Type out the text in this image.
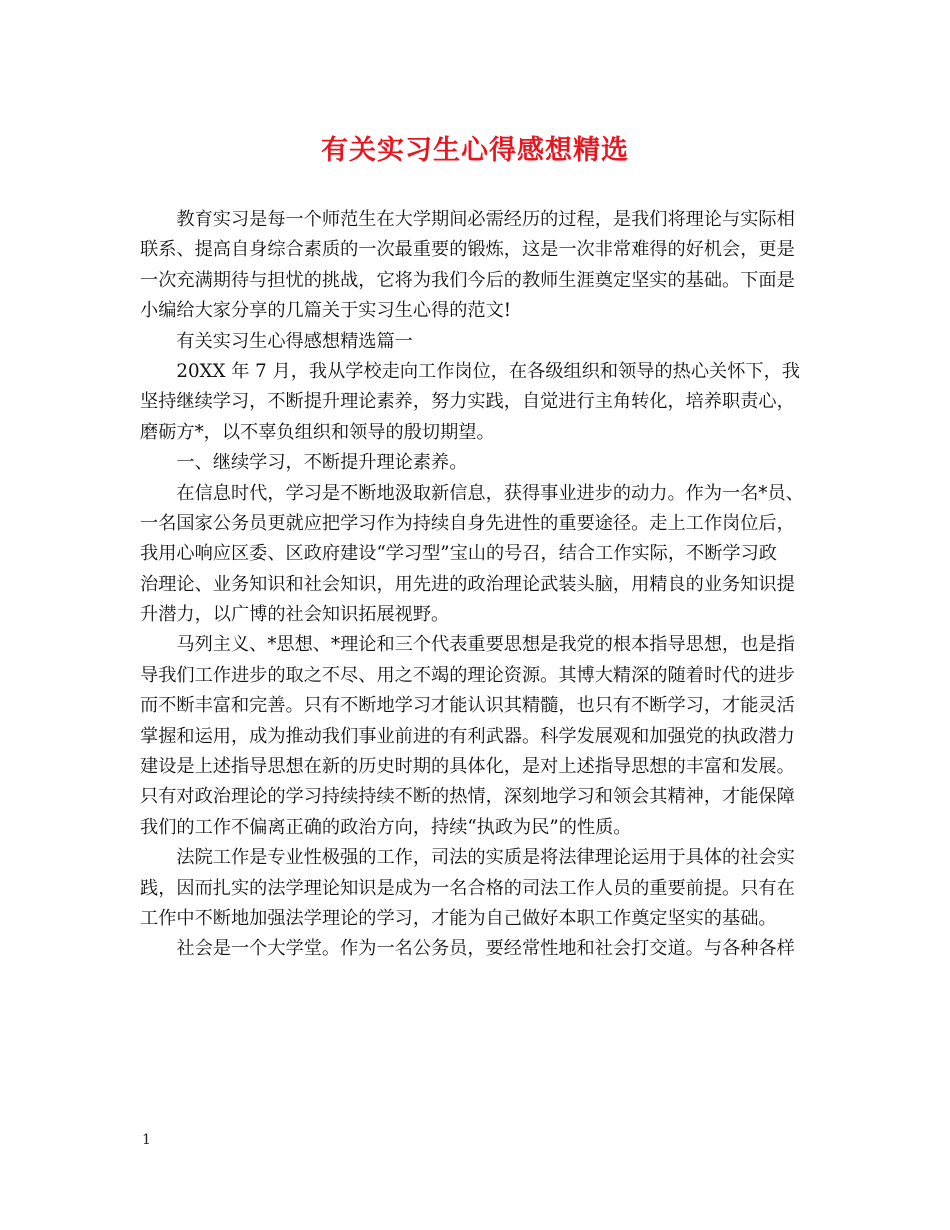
有关实习生心得感想精选
　　教育实习是每一个师范生在大学期间必需经历的过程，是我们将理论与实际相
联系、提高自身综合素质的一次最重要的锻炼，这是一次非常难得的好机会，更是
一次充满期待与担忧的挑战，它将为我们今后的教师生涯奠定坚实的基础。下面是
小编给大家分享的几篇关于实习生心得的范文!
　　有关实习生心得感想精选篇一
　　20XX 年 7 月，我从学校走向工作岗位，在各级组织和领导的热心关怀下，我
坚持继续学习，不断提升理论素养，努力实践，自觉进行主角转化，培养职责心，
磨砺方*，以不辜负组织和领导的殷切期望。
　　一、继续学习，不断提升理论素养。
　　在信息时代，学习是不断地汲取新信息，获得事业进步的动力。作为一名*员、
一名国家公务员更就应把学习作为持续自身先进性的重要途径。走上工作岗位后，
我用心响应区委、区政府建设“学习型”宝山的号召，结合工作实际，不断学习政
治理论、业务知识和社会知识，用先进的政治理论武装头脑，用精良的业务知识提
升潜力，以广博的社会知识拓展视野。
　　马列主义、*思想、*理论和三个代表重要思想是我党的根本指导思想，也是指
导我们工作进步的取之不尽、用之不竭的理论资源。其博大精深的随着时代的进步
而不断丰富和完善。只有不断地学习才能认识其精髓，也只有不断学习，才能灵活
掌握和运用，成为推动我们事业前进的有利武器。科学发展观和加强党的执政潜力
建设是上述指导思想在新的历史时期的具体化，是对上述指导思想的丰富和发展。
只有对政治理论的学习持续持续不断的热情，深刻地学习和领会其精神，才能保障
我们的工作不偏离正确的政治方向，持续“执政为民”的性质。
　　法院工作是专业性极强的工作，司法的实质是将法律理论运用于具体的社会实
践，因而扎实的法学理论知识是成为一名合格的司法工作人员的重要前提。只有在
工作中不断地加强法学理论的学习，才能为自己做好本职工作奠定坚实的基础。
　　社会是一个大学堂。作为一名公务员，要经常性地和社会打交道。与各种各样
1
